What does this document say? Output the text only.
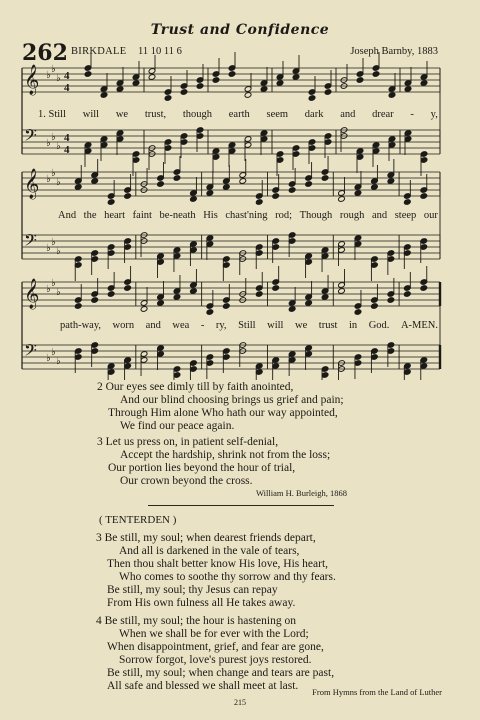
Trust and Confidence
262 BIRKDALE 11 10 11 6	Joseph Barnby, 1883
𝄞 ♭
♭
♭ 4
4
𝄢 ♭
♭
♭
4
4
𝄞 ♭
♭
♭
𝄢 ♭
♭
♭
𝄞 ♭
♭
♭
𝄢 ♭
♭
♭
1. Still will we trust, though earth seem dark and drear - y,
And the heart faint be-neath His chast'ning rod; Though rough and steep our
path-way, worn and wea - ry, Still will we trust in God. A-MEN.
2 Our eyes see dimly till by faith anointed,
And our blind choosing brings us grief and pain;
Through Him alone Who hath our way appointed,
We find our peace again.
3 Let us press on, in patient self-denial,
Accept the hardship, shrink not from the loss;
Our portion lies beyond the hour of trial,
Our crown beyond the cross.
William H. Burleigh, 1868
( TENTERDEN )
3 Be still, my soul; when dearest friends depart,
And all is darkened in the vale of tears,
Then thou shalt better know His love, His heart,
Who comes to soothe thy sorrow and thy fears.
Be still, my soul; thy Jesus can repay
From His own fulness all He takes away.
4 Be still, my soul; the hour is hastening on
When we shall be for ever with the Lord;
When disappointment, grief, and fear are gone,
Sorrow forgot, love's purest joys restored.
Be still, my soul; when change and tears are past,
All safe and blessed we shall meet at last. From Hymns from the Land of Luther
215
